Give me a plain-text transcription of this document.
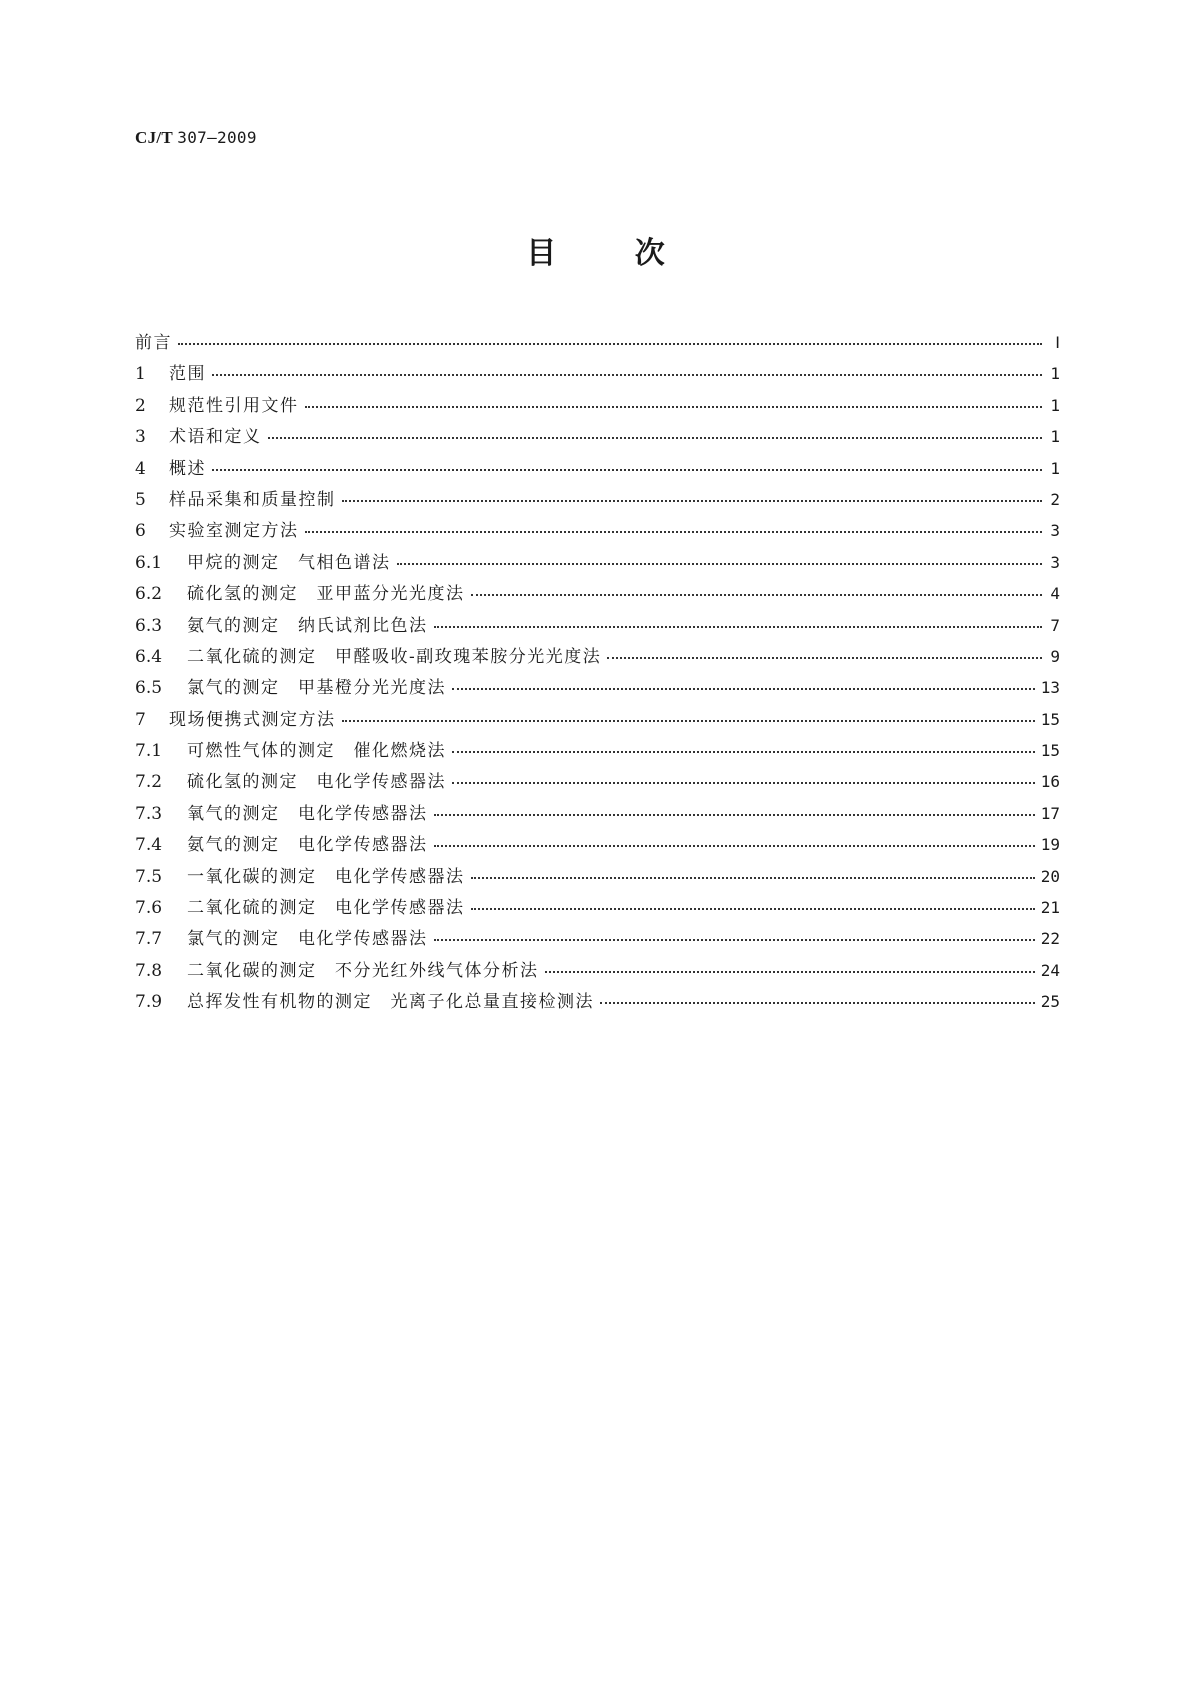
CJ/T 307—2009
目	次
前言	Ⅰ
1	范围	1
2	规范性引用文件	1
3	术语和定义	1
4	概述	1
5	样品采集和质量控制	2
6	实验室测定方法	3
6.1	甲烷的测定　气相色谱法	3
6.2	硫化氢的测定　亚甲蓝分光光度法	4
6.3	氨气的测定　纳氏试剂比色法	7
6.4	二氧化硫的测定　甲醛吸收-副玫瑰苯胺分光光度法	9
6.5	氯气的测定　甲基橙分光光度法	13
7	现场便携式测定方法	15
7.1	可燃性气体的测定　催化燃烧法	15
7.2	硫化氢的测定　电化学传感器法	16
7.3	氧气的测定　电化学传感器法	17
7.4	氨气的测定　电化学传感器法	19
7.5	一氧化碳的测定　电化学传感器法	20
7.6	二氧化硫的测定　电化学传感器法	21
7.7	氯气的测定　电化学传感器法	22
7.8	二氧化碳的测定　不分光红外线气体分析法	24
7.9	总挥发性有机物的测定　光离子化总量直接检测法	25
